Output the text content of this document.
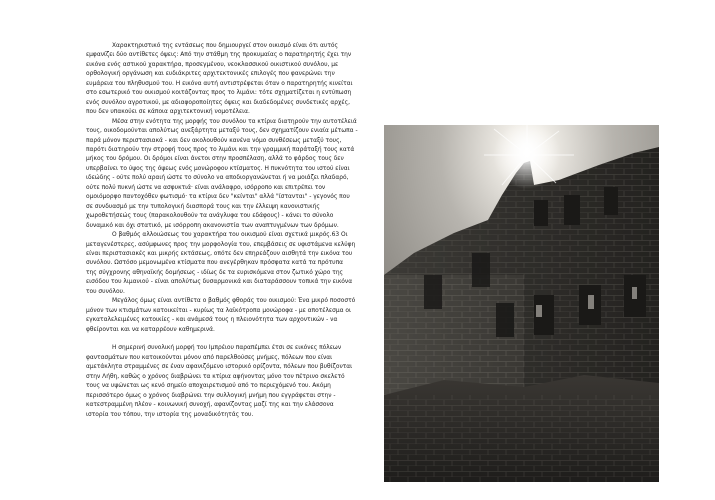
Χαρακτηριστικό της εντάσεως που δημιουργεί στον οικισμό είναι ότι αυτός
εμφανίζει δύο αντίθετες όψεις: Από την στάθμη της προκυμαίας ο παρατηρητής έχει την
εικόνα ενός αστικού χαρακτήρα, προσεγμένου, νεοκλασσικού οικιστικού συνόλου, με
ορθολογική οργάνωση και ευδιάκριτες αρχιτεκτονικές επιλογές που φανερώνει την
ευμάρεια του πληθυσμού του. Η εικόνα αυτή αντιστρέφεται όταν ο παρατηρητής κινείται
στο εσωτερικό του οικισμού κοιτάζοντας προς το λιμάνι: τότε σχηματίζεται η εντύπωση
ενός συνόλου αγροτικού, με αδιαφοροποίητες όψεις και διαδεδομένες συνδετικές αρχές,
που δεν υπακούει σε κάποια αρχιτεκτονική νομοτέλεια.

Μέσα στην ενότητα της μορφής του συνόλου τα κτίρια διατηρούν την αυτοτέλειά
τους, οικοδομούνται απολύτως ανεξάρτητα μεταξύ τους, δεν σχηματίζουν ενιαία μέτωπα -
παρά μόνον περιστασιακά - και δεν ακολουθούν κανένα νόμο συνθέσεως μεταξύ τους,
παρότι διατηρούν την στροφή τους προς το λιμάνι και την γραμμική παράταξή τους κατά
μήκος του δρόμου. Οι δρόμοι είναι άνετοι στην προσπέλαση, αλλά το φάρδος τους δεν
υπερβαίνει το ύψος της όψεως ενός μονώροφου κτίσματος. Η πυκνότητα του ιστού είναι
ιδεώδης - ούτε πολύ αραιή ώστε το σύνολο να αποδιοργανώνεται ή να μοιάζει πλαδαρό,
ούτε πολύ πυκνή ώστε να ασφυκτιά· είναι ανάλαφρο, ισόρροπο και επιτρέπει τον
ομοιόμορφο παντοχόθεν φωτισμό· τα κτίρια δεν "κείνται" αλλά "ίστανται" - γεγονός που
σε συνδυασμό με την τυπολογική διασπορά τους και την έλλειψη κανονιστικής
χωροθετήσεώς τους (παρακολουθούν τα ανάγλυφα του εδάφους) - κάνει το σύνολο
δυναμικό και όχι στατικό, με ισόρροπη ακανονιστία των αναπτυγμένων των δρόμων.

Ο βαθμός αλλοιώσεως του χαρακτήρα του οικισμού είναι σχετικά μικρός.63 Οι
μεταγενέστερες, ασύμφωνες προς την μορφολογία του, επεμβάσεις σε υφιστάμενα κελύφη
είναι περιστασιακές και μικρής εκτάσεως, οπότε δεν επηρεάζουν αισθητά την εικόνα του
συνόλου. Ωστόσο μεμονωμένα κτίσματα που ανεγέρθηκαν πρόσφατα κατά τα πρότυπα
της σύγχρονης αθηναϊκής δομήσεως - ιδίως δε τα ευρισκόμενα στον ζωτικό χώρο της
εισόδου του λιμανιού - είναι απολύτως δυσαρμονικά και διαταράσσουν τοπικά την εικόνα
του συνόλου.

Μεγάλος όμως είναι αντίθετα ο βαθμός φθοράς του οικισμού: Ένα μικρό ποσοστό
μόνον των κτισμάτων κατοικείται - κυρίως τα λαϊκότροπα μονώροφα - με αποτέλεσμα οι
εγκαταλελειμένες κατοικίες - και ανάμεσά τους η πλειονότητα των αρχοντικών - να
φθείρονται και να καταρρέουν καθημερινά.

Η σημερινή συνολική μορφή του Ιμπρέιου παραπέμπει έτσι σε εικόνες πόλεων
φαντασμάτων που κατοικούνται μόνον από παρελθούσες μνήμες, πόλεων που είναι
αμετάκλητα στραμμένες σε έναν αφανιζόμενο ιστορικό ορίζοντα, πόλεων που βυθίζονται
στην Λήθη, καθώς ο χρόνος διαβρώνει τα κτίρια αφήνοντας μόνο τον πέτρινο σκελετό
τους να υψώνεται ως κενό σημείο αποχαιρετισμού από το περιεχόμενό του. Ακόμη
περισσότερο όμως ο χρόνος διαβρώνει την συλλογική μνήμη που εγγράφεται στην -
κατεστραμμένη πλέον - κοινωνική συνοχή, αφανίζοντας μαζί της και την ελάσσονα
ιστορία του τόπου, την ιστορία της μοναδικότητάς του.
